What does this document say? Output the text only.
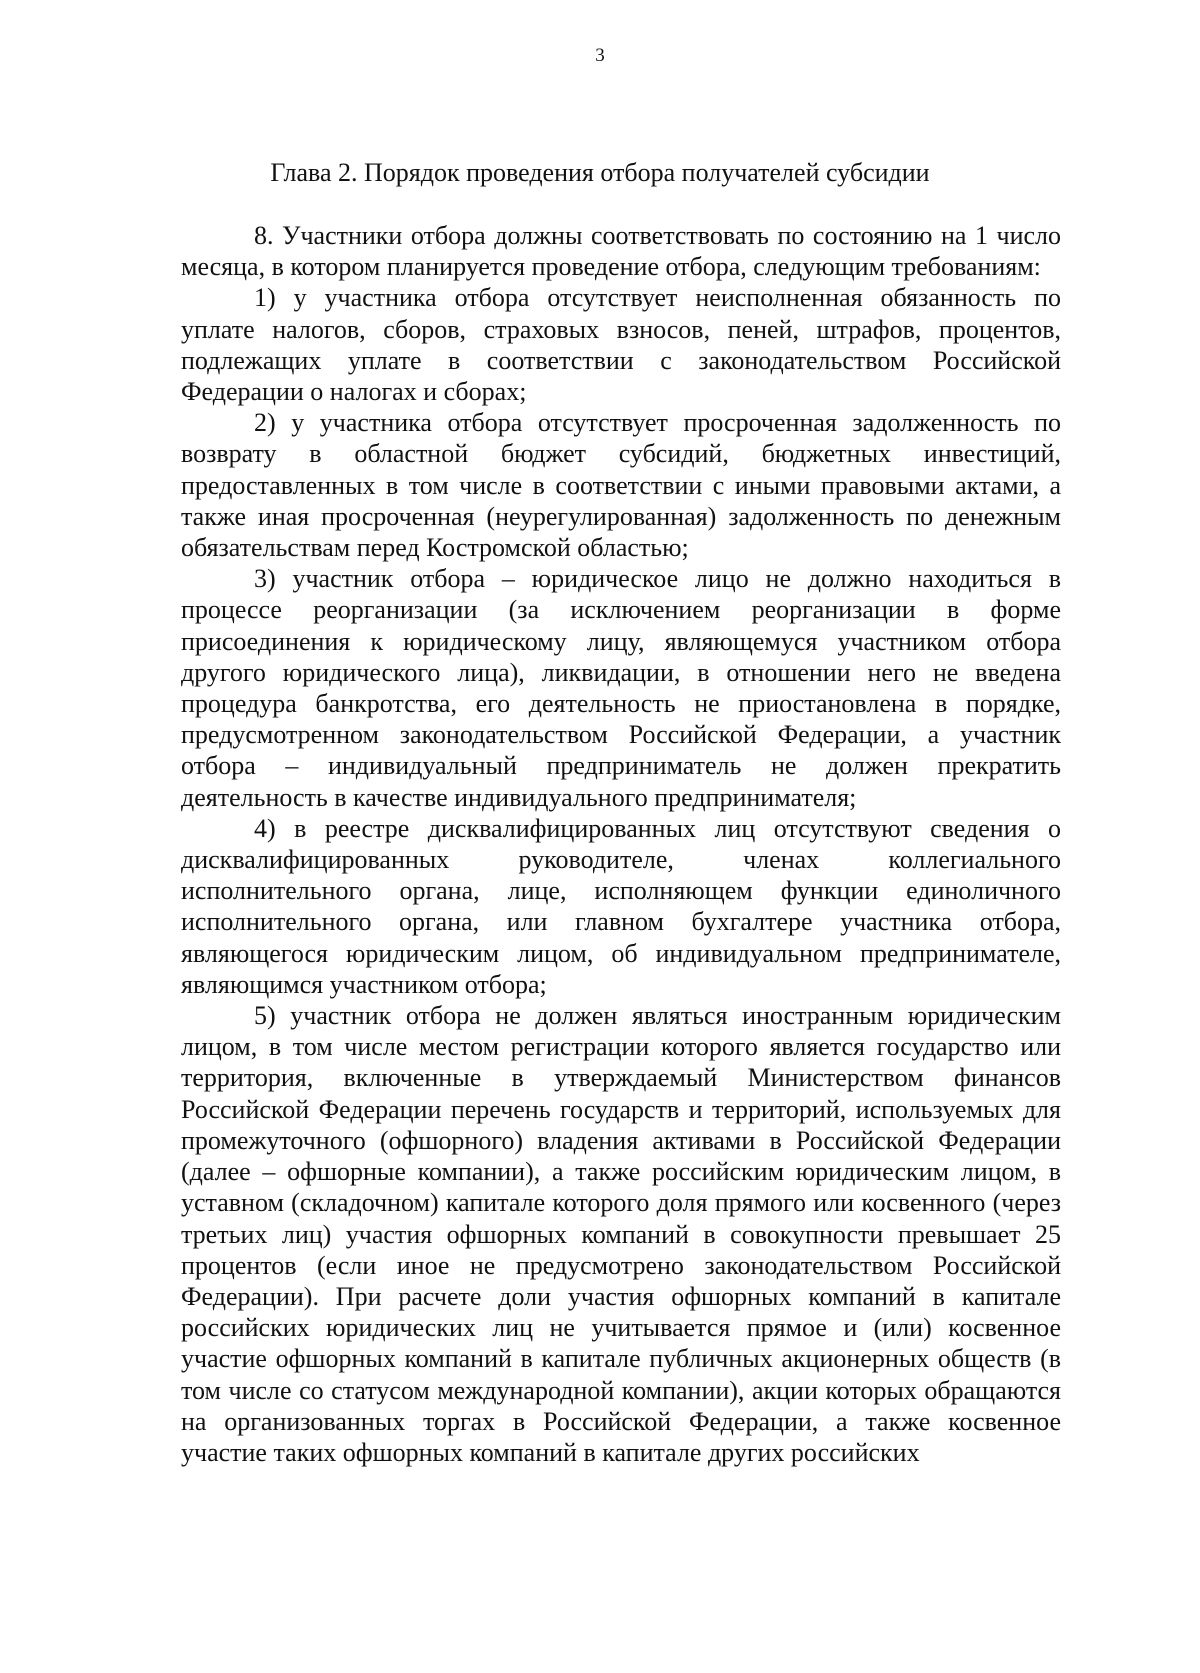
3
Глава 2. Порядок проведения отбора получателей субсидии

8. Участники отбора должны соответствовать по состоянию на 1 число месяца, в котором планируется проведение отбора, следующим требованиям:

1) у участника отбора отсутствует неисполненная обязанность по уплате налогов, сборов, страховых взносов, пеней, штрафов, процентов, подлежащих уплате в соответствии с законодательством Российской Федерации о налогах и сборах;

2) у участника отбора отсутствует просроченная задолженность по возврату в областной бюджет субсидий, бюджетных инвестиций, предоставленных в том числе в соответствии с иными правовыми актами, а также иная просроченная (неурегулированная) задолженность по денежным обязательствам перед Костромской областью;

3) участник отбора – юридическое лицо не должно находиться в процессе реорганизации (за исключением реорганизации в форме присоединения к юридическому лицу, являющемуся участником отбора другого юридического лица), ликвидации, в отношении него не введена процедура банкротства, его деятельность не приостановлена в порядке, предусмотренном законодательством Российской Федерации, а участник отбора – индивидуальный предприниматель не должен прекратить деятельность в качестве индивидуального предпринимателя;

4) в реестре дисквалифицированных лиц отсутствуют сведения о дисквалифицированных руководителе, членах коллегиального исполнительного органа, лице, исполняющем функции единоличного исполнительного органа, или главном бухгалтере участника отбора, являющегося юридическим лицом, об индивидуальном предпринимателе, являющимся участником отбора;

5) участник отбора не должен являться иностранным юридическим лицом, в том числе местом регистрации которого является государство или территория, включенные в утверждаемый Министерством финансов Российской Федерации перечень государств и территорий, используемых для промежуточного (офшорного) владения активами в Российской Федерации (далее – офшорные компании), а также российским юридическим лицом, в уставном (складочном) капитале которого доля прямого или косвенного (через третьих лиц) участия офшорных компаний в совокупности превышает 25 процентов (если иное не предусмотрено законодательством Российской Федерации). При расчете доли участия офшорных компаний в капитале российских юридических лиц не учитывается прямое и (или) косвенное участие офшорных компаний в капитале публичных акционерных обществ (в том числе со статусом международной компании), акции которых обращаются на организованных торгах в Российской Федерации, а также косвенное участие таких офшорных компаний в капитале других российских
